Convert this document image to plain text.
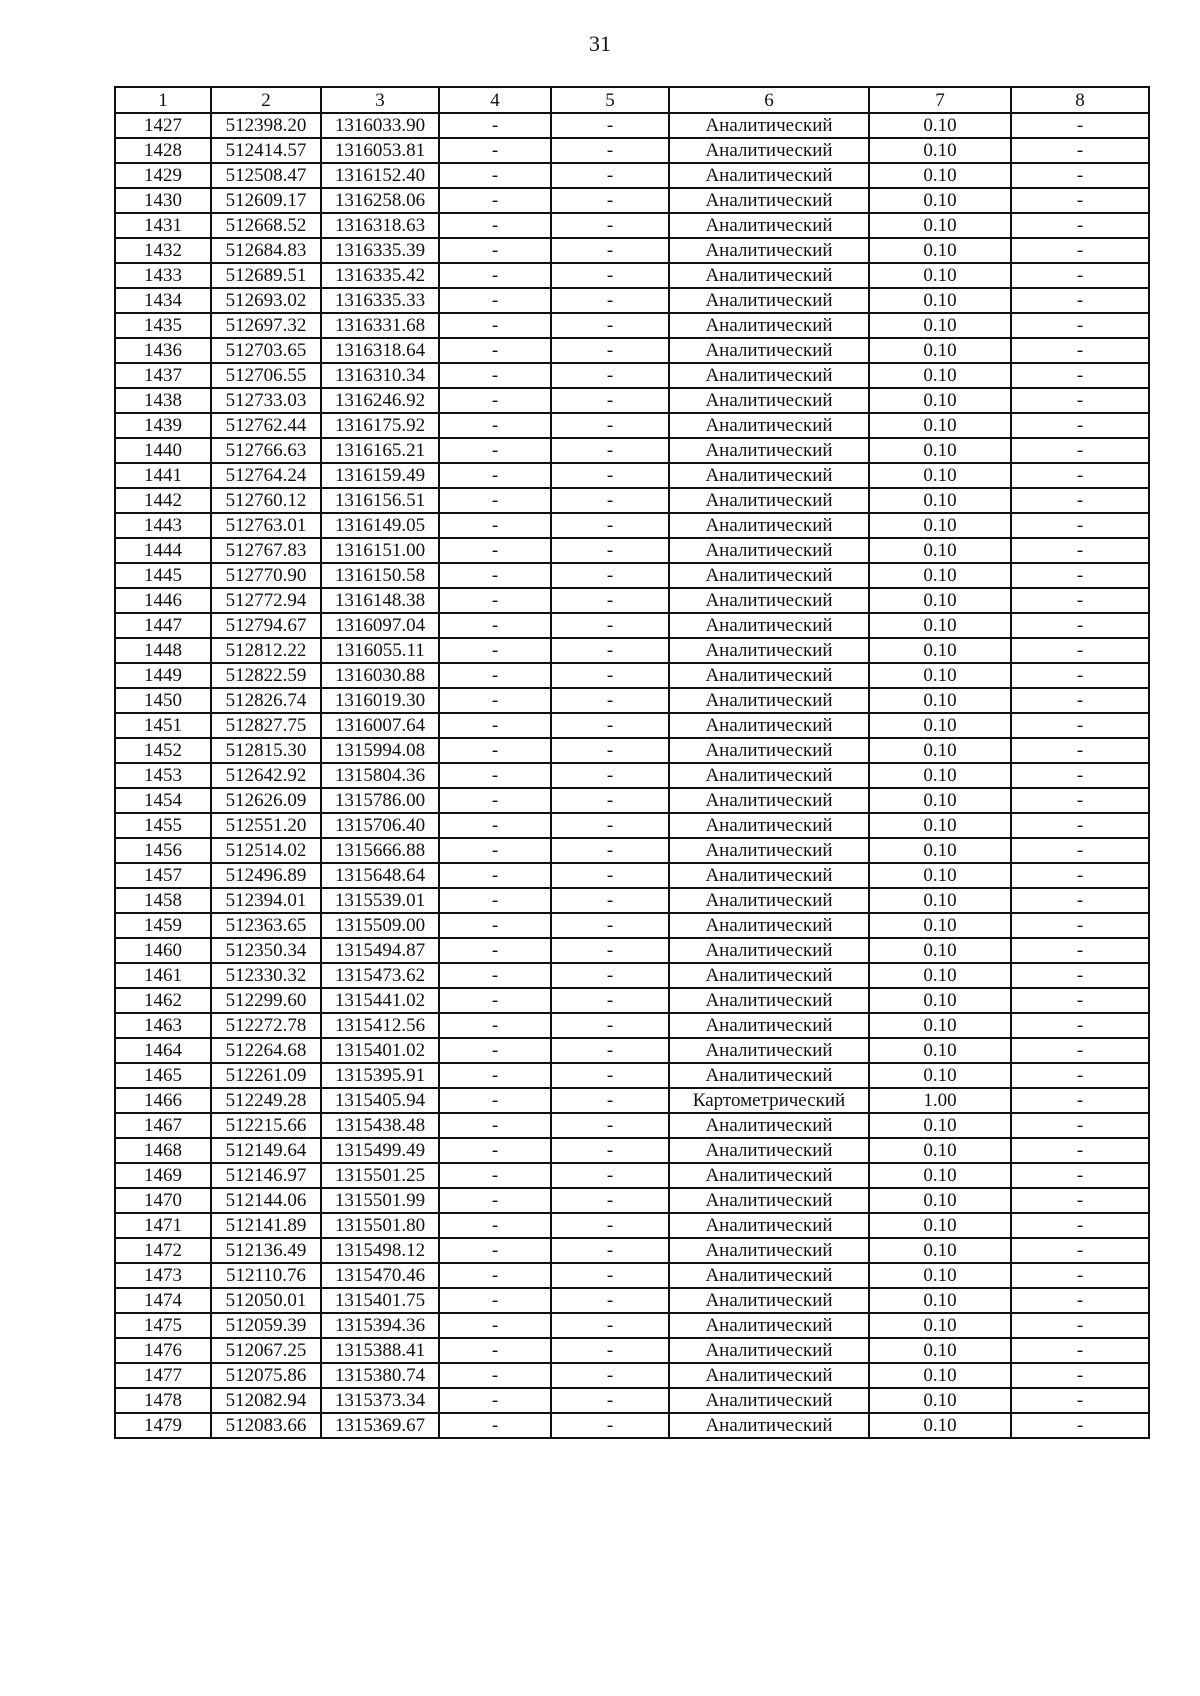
31
1	2	3	4	5	6	7	8
1427	512398.20	1316033.90	-	-	Аналитический	0.10	-
1428	512414.57	1316053.81	-	-	Аналитический	0.10	-
1429	512508.47	1316152.40	-	-	Аналитический	0.10	-
1430	512609.17	1316258.06	-	-	Аналитический	0.10	-
1431	512668.52	1316318.63	-	-	Аналитический	0.10	-
1432	512684.83	1316335.39	-	-	Аналитический	0.10	-
1433	512689.51	1316335.42	-	-	Аналитический	0.10	-
1434	512693.02	1316335.33	-	-	Аналитический	0.10	-
1435	512697.32	1316331.68	-	-	Аналитический	0.10	-
1436	512703.65	1316318.64	-	-	Аналитический	0.10	-
1437	512706.55	1316310.34	-	-	Аналитический	0.10	-
1438	512733.03	1316246.92	-	-	Аналитический	0.10	-
1439	512762.44	1316175.92	-	-	Аналитический	0.10	-
1440	512766.63	1316165.21	-	-	Аналитический	0.10	-
1441	512764.24	1316159.49	-	-	Аналитический	0.10	-
1442	512760.12	1316156.51	-	-	Аналитический	0.10	-
1443	512763.01	1316149.05	-	-	Аналитический	0.10	-
1444	512767.83	1316151.00	-	-	Аналитический	0.10	-
1445	512770.90	1316150.58	-	-	Аналитический	0.10	-
1446	512772.94	1316148.38	-	-	Аналитический	0.10	-
1447	512794.67	1316097.04	-	-	Аналитический	0.10	-
1448	512812.22	1316055.11	-	-	Аналитический	0.10	-
1449	512822.59	1316030.88	-	-	Аналитический	0.10	-
1450	512826.74	1316019.30	-	-	Аналитический	0.10	-
1451	512827.75	1316007.64	-	-	Аналитический	0.10	-
1452	512815.30	1315994.08	-	-	Аналитический	0.10	-
1453	512642.92	1315804.36	-	-	Аналитический	0.10	-
1454	512626.09	1315786.00	-	-	Аналитический	0.10	-
1455	512551.20	1315706.40	-	-	Аналитический	0.10	-
1456	512514.02	1315666.88	-	-	Аналитический	0.10	-
1457	512496.89	1315648.64	-	-	Аналитический	0.10	-
1458	512394.01	1315539.01	-	-	Аналитический	0.10	-
1459	512363.65	1315509.00	-	-	Аналитический	0.10	-
1460	512350.34	1315494.87	-	-	Аналитический	0.10	-
1461	512330.32	1315473.62	-	-	Аналитический	0.10	-
1462	512299.60	1315441.02	-	-	Аналитический	0.10	-
1463	512272.78	1315412.56	-	-	Аналитический	0.10	-
1464	512264.68	1315401.02	-	-	Аналитический	0.10	-
1465	512261.09	1315395.91	-	-	Аналитический	0.10	-
1466	512249.28	1315405.94	-	-	Картометрический	1.00	-
1467	512215.66	1315438.48	-	-	Аналитический	0.10	-
1468	512149.64	1315499.49	-	-	Аналитический	0.10	-
1469	512146.97	1315501.25	-	-	Аналитический	0.10	-
1470	512144.06	1315501.99	-	-	Аналитический	0.10	-
1471	512141.89	1315501.80	-	-	Аналитический	0.10	-
1472	512136.49	1315498.12	-	-	Аналитический	0.10	-
1473	512110.76	1315470.46	-	-	Аналитический	0.10	-
1474	512050.01	1315401.75	-	-	Аналитический	0.10	-
1475	512059.39	1315394.36	-	-	Аналитический	0.10	-
1476	512067.25	1315388.41	-	-	Аналитический	0.10	-
1477	512075.86	1315380.74	-	-	Аналитический	0.10	-
1478	512082.94	1315373.34	-	-	Аналитический	0.10	-
1479	512083.66	1315369.67	-	-	Аналитический	0.10	-
